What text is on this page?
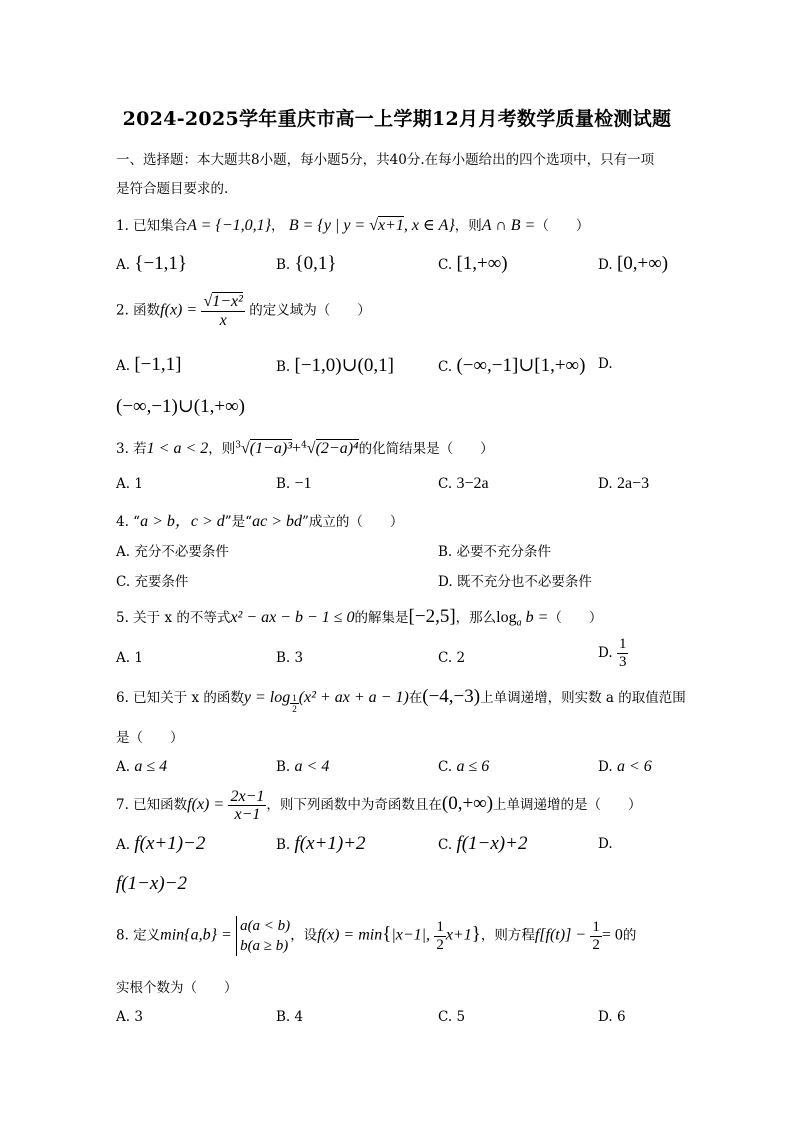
2024-2025学年重庆市高一上学期12月月考数学质量检测试题
一、选择题：本大题共8小题，每小题5分，共40分.在每小题给出的四个选项中，只有一项
是符合题目要求的.
1. 已知集合A = {−1,0,1}， B = {y | y = √x+1, x ∈ A}，则A ∩ B =（　　）
A. {−1,1}	B. {0,1}	C. [1,+∞)	D. [0,+∞)
2. 函数$f(x) = \frac{\text{√1−x²}}{x}$ 的定义域为（　　）
A. [−1,1]	B. [−1,0)∪(0,1]	C. (−∞,−1]∪[1,+∞) D.
(−∞,−1)∪(1,+∞)
3. 若1 < a < 2，则$^3$√(1−a)³+$^4$√(2−a)⁴的化简结果是（　　）
A. 1	B. −1	C. 3−2a	D. 2a−3
4. “a > b，c > d”是“ac > bd”成立的（　　）
A. 充分不必要条件	B. 必要不充分条件
C. 充要条件	D. 既不充分也不必要条件
5. 关于 x 的不等式x² − ax − b − 1 ≤ 0的解集是[−2,5]，那么$\log_a b$ =（　　）
A. 1	B. 3	C. 2	D. $\frac{1}{3}$
6. 已知关于 x 的函数$y = \log \frac{1}{2} (x^2$ + ax + a − 1)在(−4,−3)上单调递增，则实数 a 的取值范围
是（　　）
A. a ≤ 4	B. a < 4	C. a ≤ 6	D. a < 6
7. 已知函数$f(x) = \frac{2x-1}{x-1}$ ，则下列函数中为奇函数且在(0,+∞)上单调递增的是（　　）
A. f(x+1)−2	B. f(x+1)+2	C. f(1−x)+2	D.
f(1−x)−2
8. 定义min{a,b} =
a(a < b)
b(a ≥ b)
，设f(x) = min{|x−1|, $\frac{1}{2} x+1$}，则方程$f[f(t)] - \frac{1}{2} = 0$的
实根个数为（　　）
A. 3	B. 4	C. 5	D. 6
